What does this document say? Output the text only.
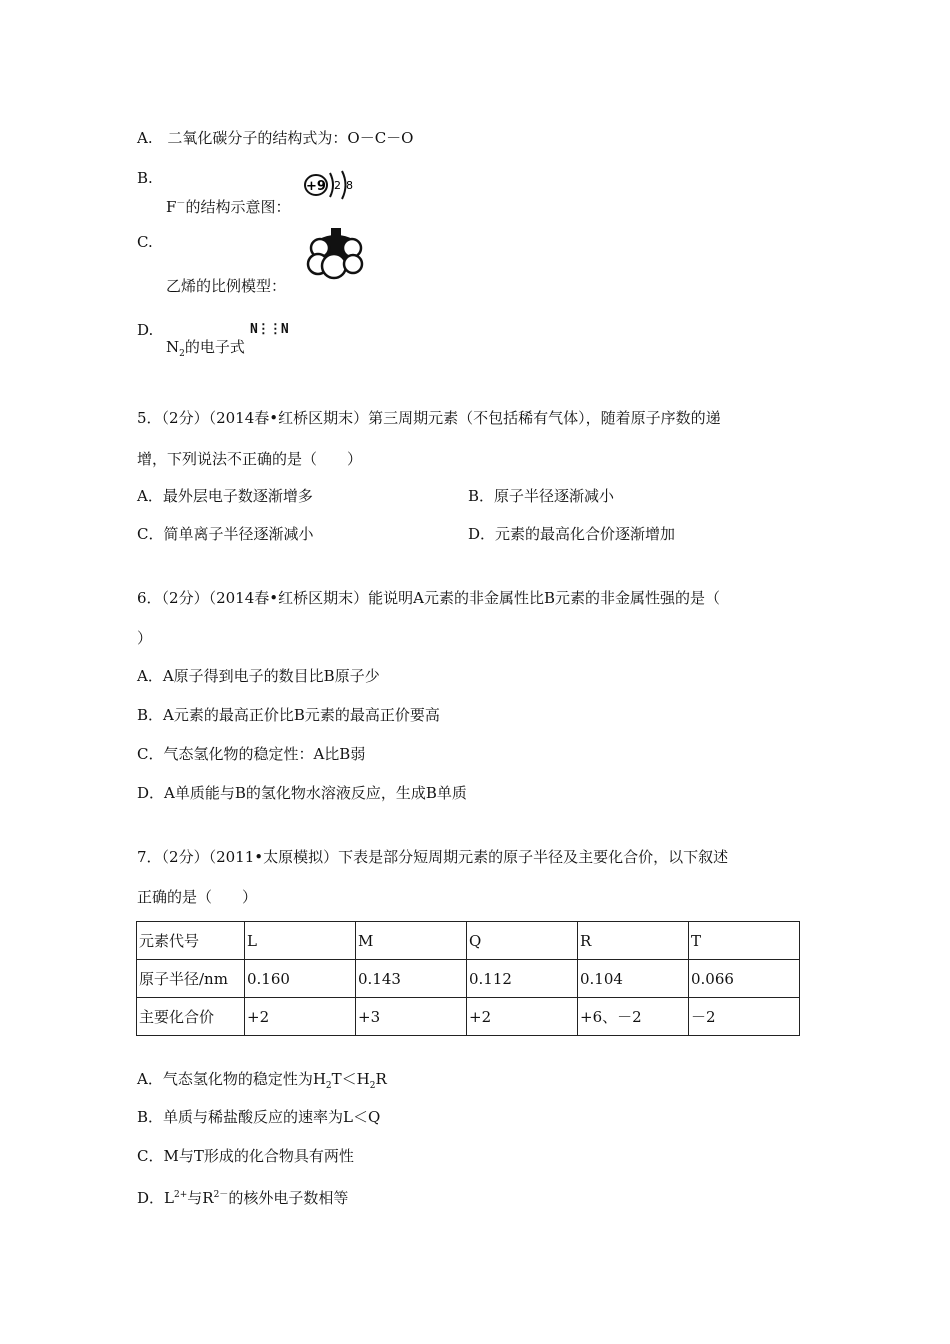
A. 二氧化碳分子的结构式为：O－C－O
B.
F－的结构示意图：
+9 2 8
C.
乙烯的比例模型：
D.
$N_2$的电子式
N⋮⋮N
5．（2分）（2014春•红桥区期末）第三周期元素（不包括稀有气体），随着原子序数的递
增，下列说法不正确的是（　　）
A．最外层电子数逐渐增多	B．原子半径逐渐减小
C．简单离子半径逐渐减小	D．元素的最高化合价逐渐增加
6．（2分）（2014春•红桥区期末）能说明A元素的非金属性比B元素的非金属性强的是（
）
A．A原子得到电子的数目比B原子少
B．A元素的最高正价比B元素的最高正价要高
C．气态氢化物的稳定性：A比B弱
D．A单质能与B的氢化物水溶液反应，生成B单质
7．（2分）（2011•太原模拟）下表是部分短周期元素的原子半径及主要化合价，以下叙述
正确的是（　　）
元素代号	L	M	Q	R	T
原子半径/nm	0.160	0.143	0.112	0.104	0.066
主要化合价	+2	+3	+2	+6、－2	－2
A．气态氢化物的稳定性为$H_2T<H_2R$
B．单质与稀盐酸反应的速率为L＜Q
C．M与T形成的化合物具有两性
D．$L^{2+}$与$R^{2-}$的核外电子数相等
